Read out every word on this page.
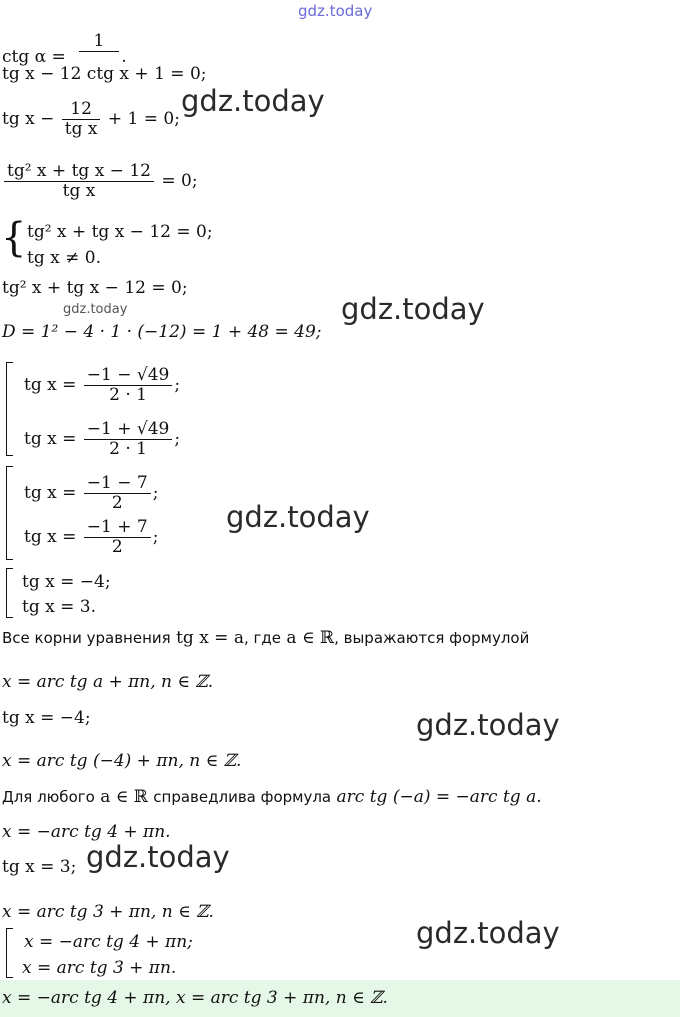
gdz.today
ctg α =
1
.
tg x − 12 ctg x + 1 = 0;
tg $x - \frac{12}{\text{tg x}} + 1 = 0$;
gdz.today
$\frac{\text{tg² x + tg x − 12}}{\text{tg x}} = 0$;
{ tg² x + tg x − 12 = 0;
tg x ≠ 0.
tg² x + tg x − 12 = 0;
gdz.today
D = 1² − 4 · 1 · (−12) = 1 + 48 = 49;
gdz.today
tg $x = \frac{-1 - √49}{2 \cdot 1}$ ;
tg $x = \frac{-1 + √49}{2 \cdot 1}$ ;
tg $x = \frac{-1 - 7}{2}$ ;
tg $x = \frac{-1 + 7}{2}$ ;
gdz.today
tg x = −4;
tg x = 3.
Все корни уравнения tg x = a, где a ∈ ℝ, выражаются формулой
x = arc tg a + πn, n ∈ ℤ.
tg x = −4;	gdz.today
x = arc tg (−4) + πn, n ∈ ℤ.
Для любого a ∈ ℝ справедлива формула arc tg (−a) = −arc tg a.
x = −arc tg 4 + πn.
tg x = 3; gdz.today
x = arc tg 3 + πn, n ∈ ℤ.
x = −arc tg 4 + πn;
x = arc tg 3 + πn.
gdz.today
x = −arc tg 4 + πn, x = arc tg 3 + πn, n ∈ ℤ.
